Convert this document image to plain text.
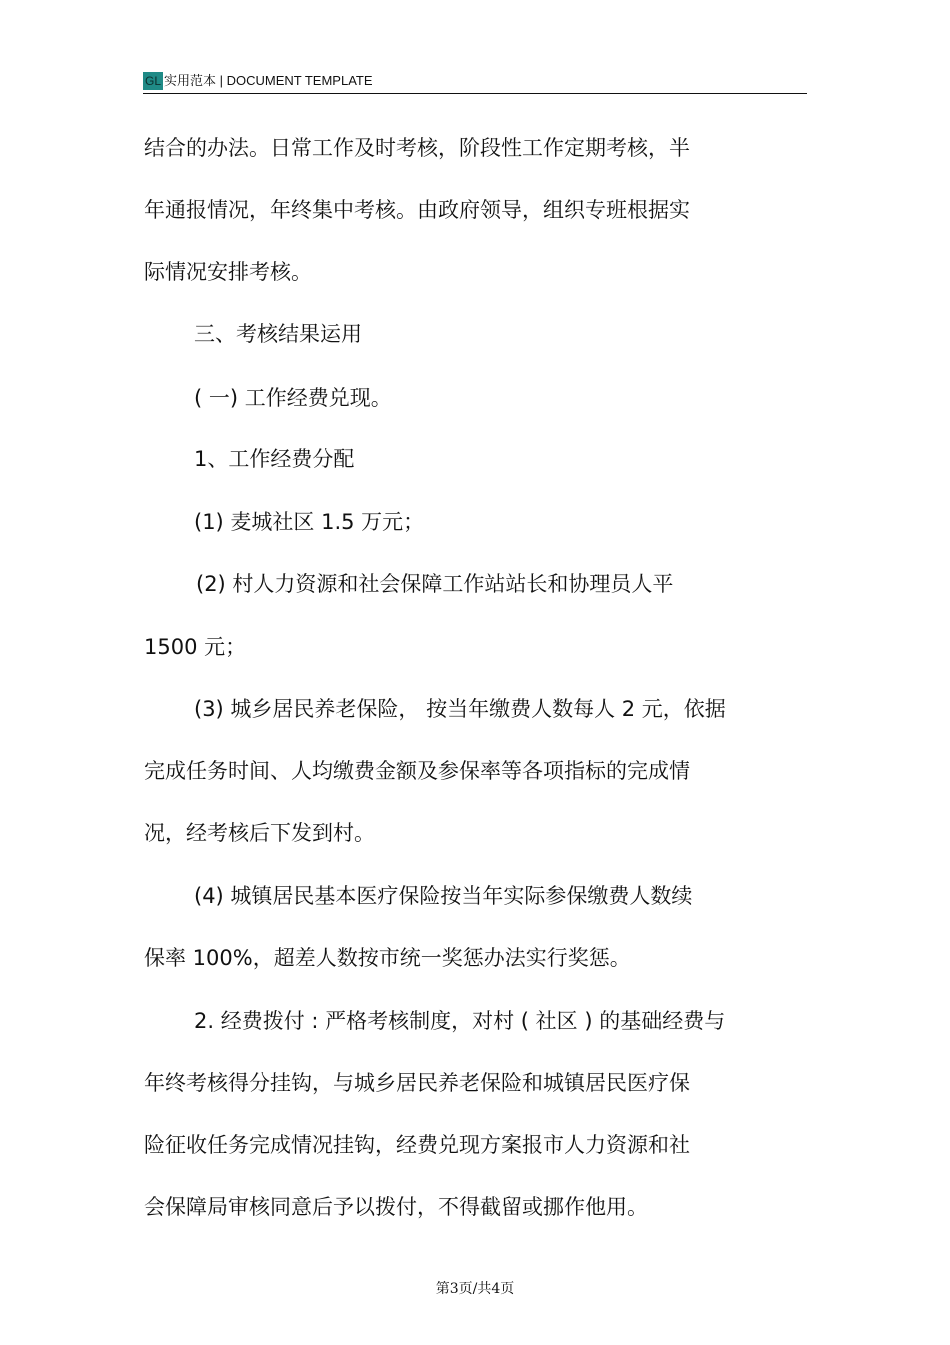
GL 实用范本 | DOCUMENT TEMPLATE
结合的办法。日常工作及时考核，阶段性工作定期考核，半
年通报情况，年终集中考核。由政府领导，组织专班根据实
际情况安排考核。
三、考核结果运用
( 一) 工作经费兑现。
1、工作经费分配
(1) 麦城社区 1.5 万元；
(2) 村人力资源和社会保障工作站站长和协理员人平
1500 元；
(3) 城乡居民养老保险， 按当年缴费人数每人 2 元，依据
完成任务时间、人均缴费金额及参保率等各项指标的完成情
况，经考核后下发到村。
(4) 城镇居民基本医疗保险按当年实际参保缴费人数续
保率 100%，超差人数按市统一奖惩办法实行奖惩。
2. 经费拨付 : 严格考核制度，对村 ( 社区 ) 的基础经费与
年终考核得分挂钩，与城乡居民养老保险和城镇居民医疗保
险征收任务完成情况挂钩，经费兑现方案报市人力资源和社
会保障局审核同意后予以拨付，不得截留或挪作他用。
第3页/共4页
